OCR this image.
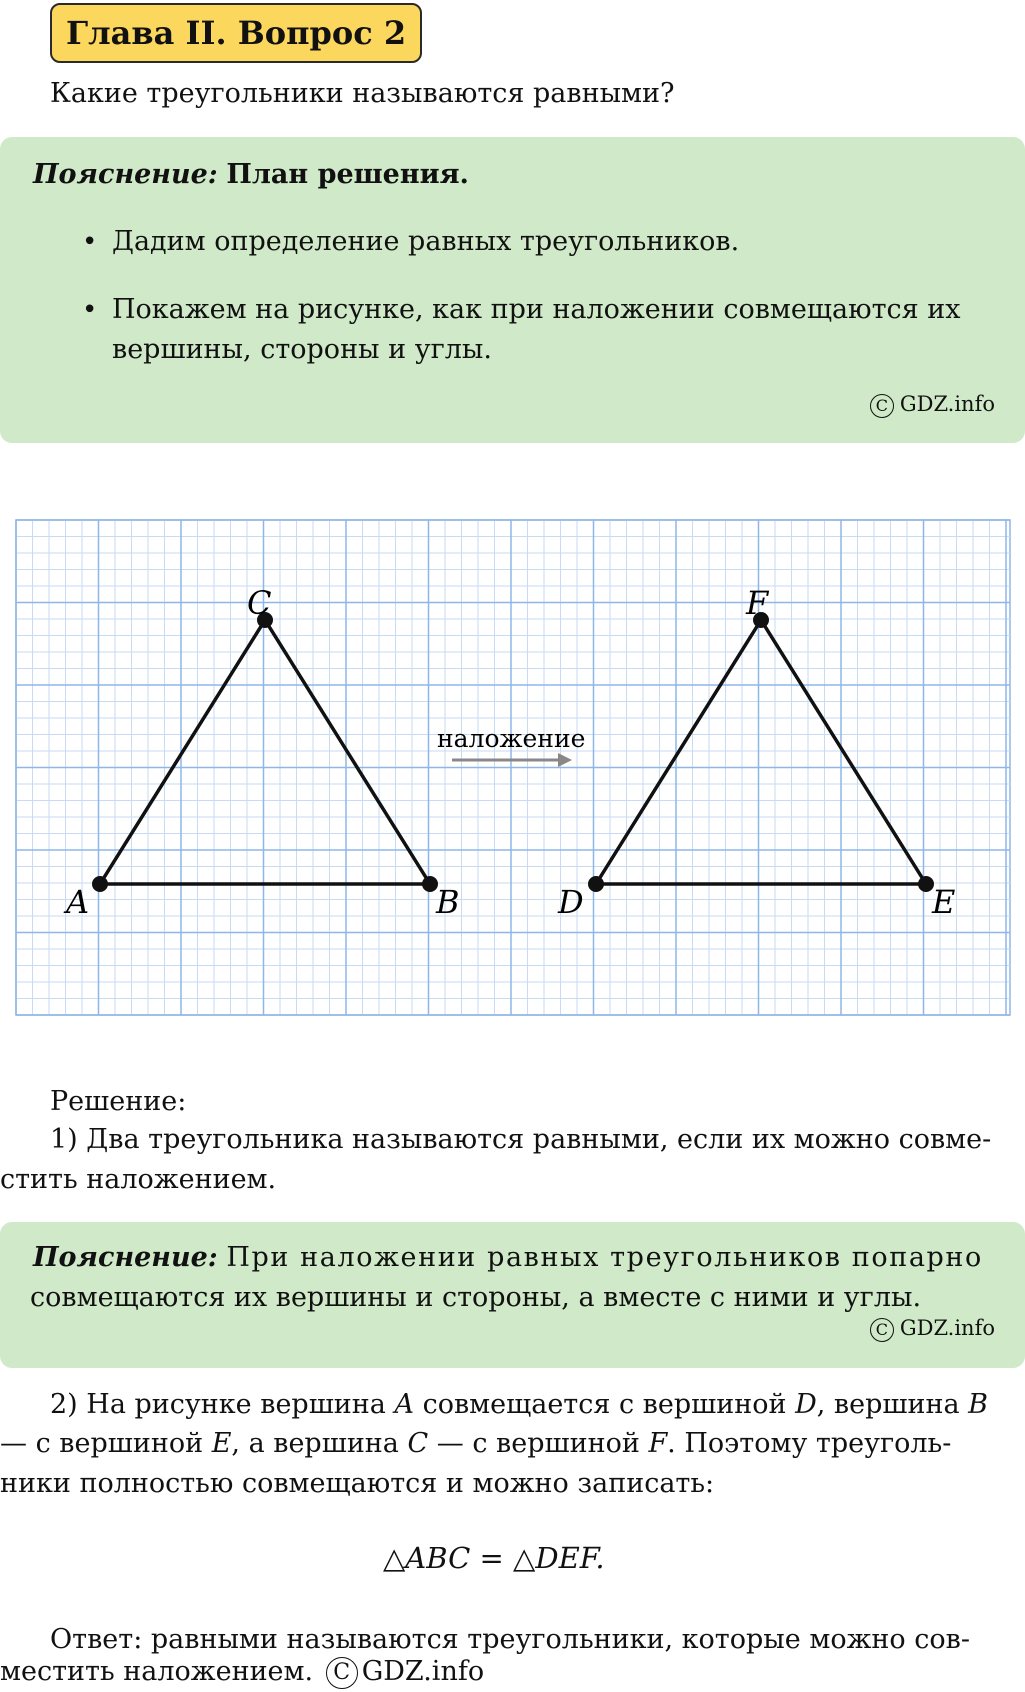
Глава II. Вопрос 2
Какие треугольники называются равными?
Пояснение: План решения.
• Дадим определение равных треугольников.
• Покажем на рисунке, как при наложении совмещаются их
вершины, стороны и углы.
C GDZ.info
A	B
C
наложение
D	E
F
Решение:
1) Два треугольника называются равными, если их можно совме-
стить наложением.
Пояснение: При наложении равных треугольников попарно
совмещаются их вершины и стороны, а вместе с ними и углы.
C GDZ.info
2) На рисунке вершина A совмещается с вершиной D, вершина B
— с вершиной E, а вершина C — с вершиной F. Поэтому треуголь-
ники полностью совмещаются и можно записать:
△ABC = △DEF.
Ответ: равными называются треугольники, которые можно сов-
местить наложением. C GDZ.info
